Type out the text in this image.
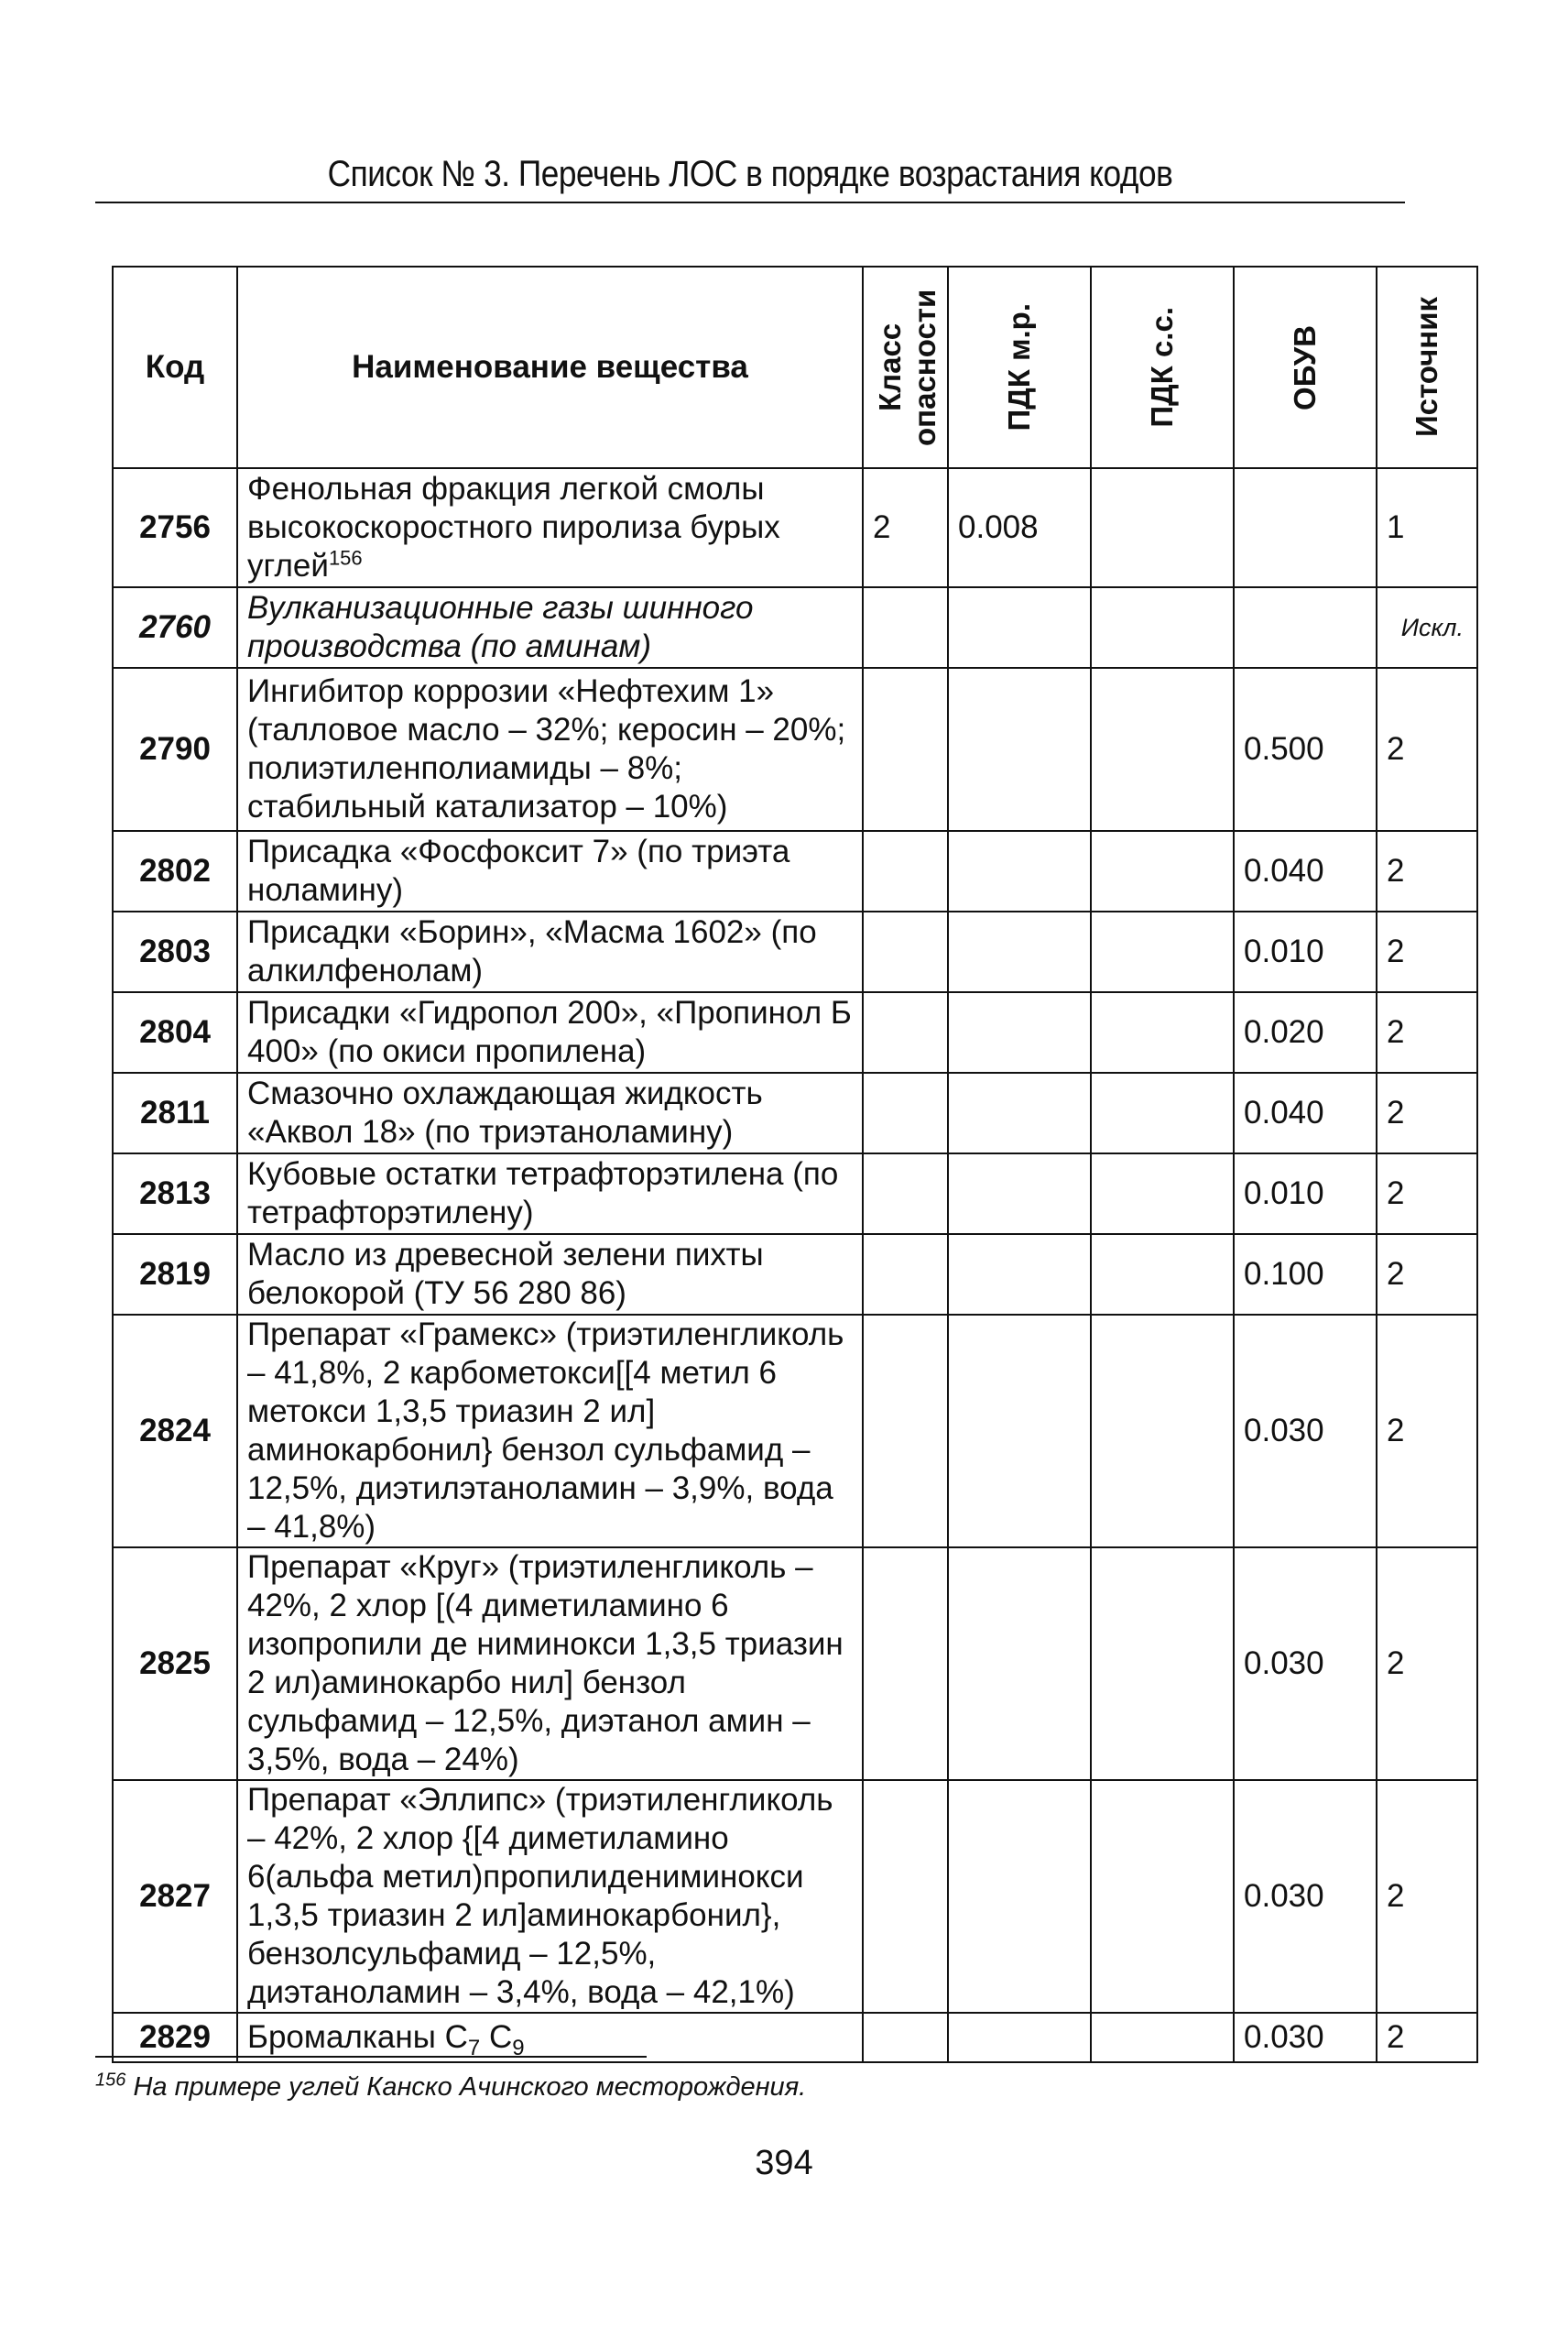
Список № 3. Перечень ЛОС в порядке возрастания кодов
Код	Наименование вещества	Класс опасности	ПДК м.р.	ПДК с.с.	ОБУВ	Источник

2756	Фенольная фракция легкой смолы высокоскоростного пиролиза бурых углей$^{156}$	2	0.008			1
2760	Вулканизационные газы шинного производства (по аминам)					Искл.
2790	Ингибитор коррозии «Нефтехим 1» (талловое масло – 32%; керосин – 20%; полиэтиленполиамиды – 8%; стабильный катализатор – 10%)				0.500	2
2802	Присадка «Фосфоксит 7» (по триэта ноламину)				0.040	2
2803	Присадки «Борин», «Масма 1602» (по алкилфенолам)				0.010	2
2804	Присадки «Гидропол 200», «Пропинол Б 400» (по окиси пропилена)				0.020	2
2811	Смазочно охлаждающая жидкость «Аквол 18» (по триэтаноламину)				0.040	2
2813	Кубовые остатки тетрафторэтилена (по тетрафторэтилену)				0.010	2
2819	Масло из древесной зелени пихты белокорой (ТУ 56 280 86)				0.100	2
2824	Препарат «Грамекс» (триэтиленгликоль – 41,8%, 2 карбометокси[[4 метил 6 метокси 1,3,5 триазин 2 ил] аминокарбонил} бензол сульфамид – 12,5%, диэтилэтаноламин – 3,9%, вода – 41,8%)				0.030	2
2825	Препарат «Круг» (триэтиленгликоль – 42%, 2 хлор [(4 диметиламино 6 изопропили де ниминокси 1,3,5 триазин 2 ил)аминокарбо нил] бензол сульфамид – 12,5%, диэтанол амин – 3,5%, вода – 24%)				0.030	2
2827	Препарат «Эллипс» (триэтиленгликоль – 42%, 2 хлор {[4 диметиламино 6(альфа метил)пропилидениминокси 1,3,5 триазин 2 ил]аминокарбонил}, бензолсульфамид – 12,5%, диэтаноламин – 3,4%, вода – 42,1%)				0.030	2
2829	Бромалканы $С_7$ $С_9$				0.030	2
$^{156}$ На примере углей Канско Ачинского месторождения.
394
